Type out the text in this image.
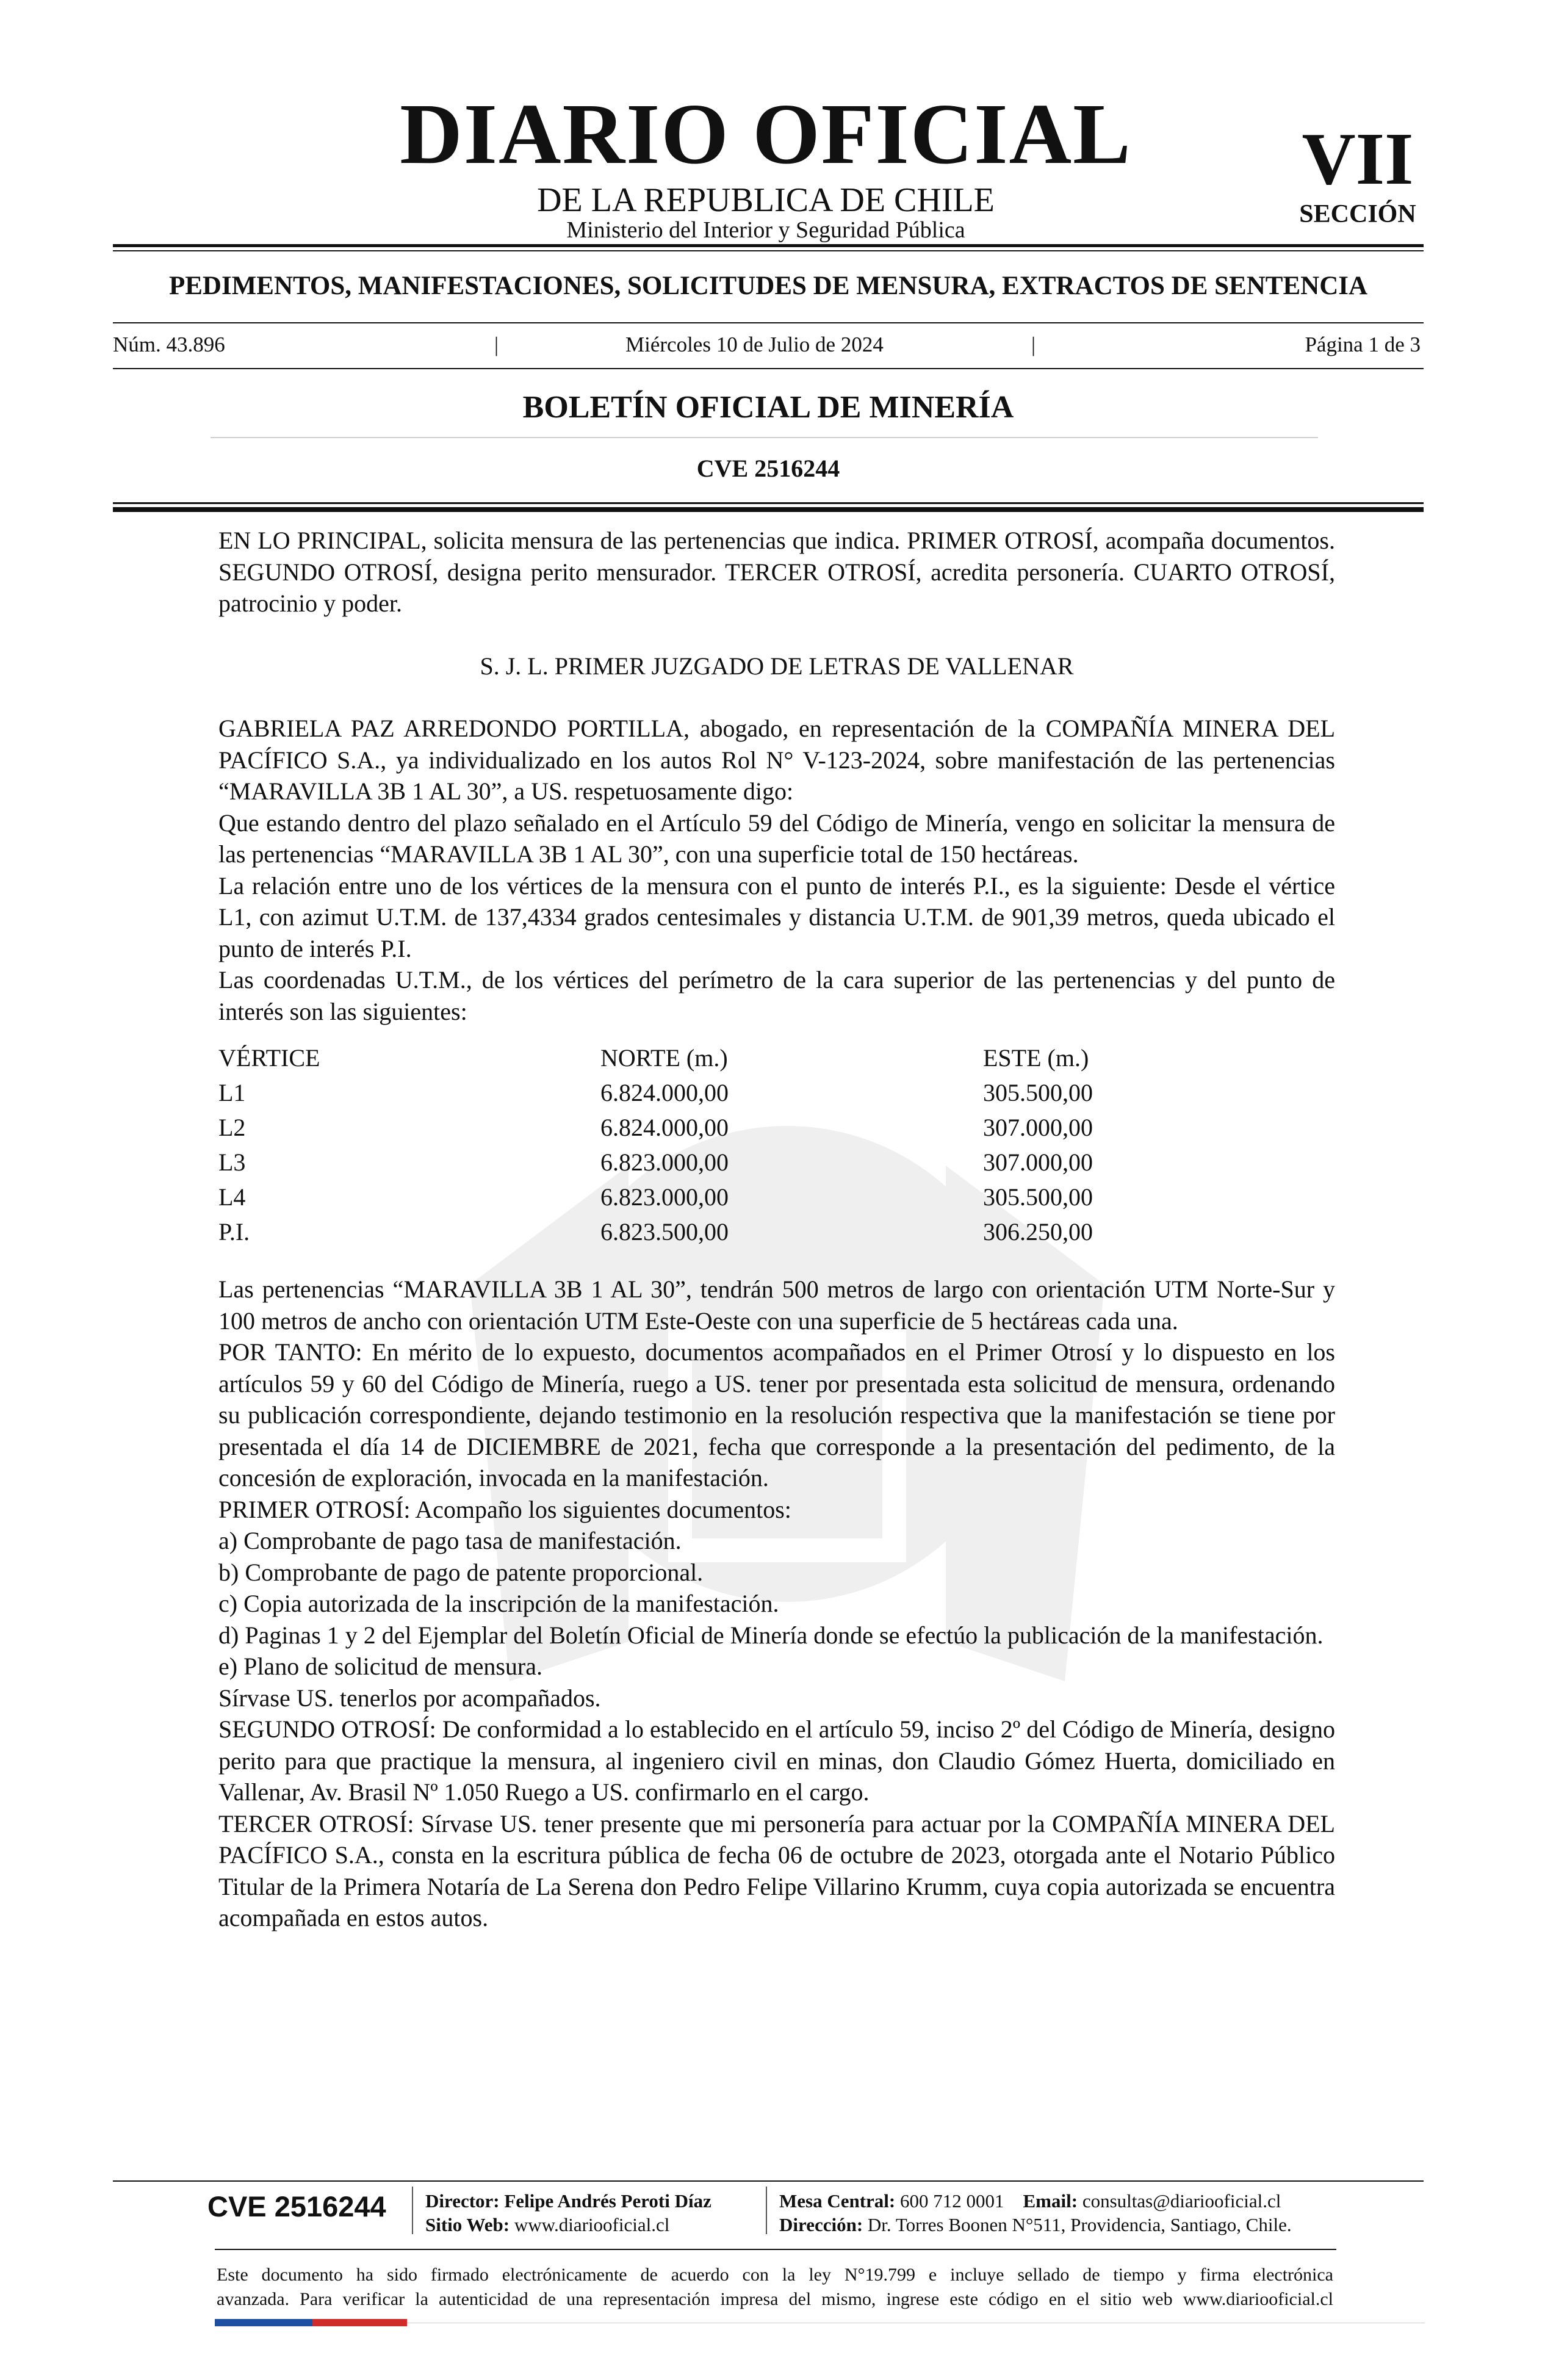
DIARIO OFICIAL
DE LA REPUBLICA DE CHILE
Ministerio del Interior y Seguridad Pública
VII
SECCIÓN
PEDIMENTOS, MANIFESTACIONES, SOLICITUDES DE MENSURA, EXTRACTOS DE SENTENCIA
Núm. 43.896	|	Miércoles 10 de Julio de 2024	|	Página 1 de 3
BOLETÍN OFICIAL DE MINERÍA
CVE 2516244

EN LO PRINCIPAL, solicita mensura de las pertenencias que indica. PRIMER OTROSÍ, acompaña documentos. SEGUNDO OTROSÍ, designa perito mensurador. TERCER OTROSÍ, acredita personería. CUARTO OTROSÍ, patrocinio y poder.

S. J. L. PRIMER JUZGADO DE LETRAS DE VALLENAR

GABRIELA PAZ ARREDONDO PORTILLA, abogado, en representación de la COMPAÑÍA MINERA DEL PACÍFICO S.A., ya individualizado en los autos Rol N° V-123-2024, sobre manifestación de las pertenencias “MARAVILLA 3B 1 AL 30”, a US. respetuosamente digo:

Que estando dentro del plazo señalado en el Artículo 59 del Código de Minería, vengo en solicitar la mensura de las pertenencias “MARAVILLA 3B 1 AL 30”, con una superficie total de 150 hectáreas.

La relación entre uno de los vértices de la mensura con el punto de interés P.I., es la siguiente: Desde el vértice L1, con azimut U.T.M. de 137,4334 grados centesimales y distancia U.T.M. de 901,39 metros, queda ubicado el punto de interés P.I.

Las coordenadas U.T.M., de los vértices del perímetro de la cara superior de las pertenencias y del punto de interés son las siguientes:

VÉRTICE	NORTE (m.)	ESTE (m.)
L1	6.824.000,00	305.500,00
L2	6.824.000,00	307.000,00
L3	6.823.000,00	307.000,00
L4	6.823.000,00	305.500,00
P.I.	6.823.500,00	306.250,00

Las pertenencias “MARAVILLA 3B 1 AL 30”, tendrán 500 metros de largo con orientación UTM Norte-Sur y 100 metros de ancho con orientación UTM Este-Oeste con una superficie de 5 hectáreas cada una.

POR TANTO: En mérito de lo expuesto, documentos acompañados en el Primer Otrosí y lo dispuesto en los artículos 59 y 60 del Código de Minería, ruego a US. tener por presentada esta solicitud de mensura, ordenando su publicación correspondiente, dejando testimonio en la resolución respectiva que la manifestación se tiene por presentada el día 14 de DICIEMBRE de 2021, fecha que corresponde a la presentación del pedimento, de la concesión de exploración, invocada en la manifestación.

PRIMER OTROSÍ: Acompaño los siguientes documentos:

a) Comprobante de pago tasa de manifestación.

b) Comprobante de pago de patente proporcional.

c) Copia autorizada de la inscripción de la manifestación.

d) Paginas 1 y 2 del Ejemplar del Boletín Oficial de Minería donde se efectúo la publicación de la manifestación.

e) Plano de solicitud de mensura.

Sírvase US. tenerlos por acompañados.

SEGUNDO OTROSÍ: De conformidad a lo establecido en el artículo 59, inciso 2º del Código de Minería, designo perito para que practique la mensura, al ingeniero civil en minas, don Claudio Gómez Huerta, domiciliado en Vallenar, Av. Brasil Nº 1.050 Ruego a US. confirmarlo en el cargo.

TERCER OTROSÍ: Sírvase US. tener presente que mi personería para actuar por la COMPAÑÍA MINERA DEL PACÍFICO S.A., consta en la escritura pública de fecha 06 de octubre de 2023, otorgada ante el Notario Público Titular de la Primera Notaría de La Serena don Pedro Felipe Villarino Krumm, cuya copia autorizada se encuentra acompañada en estos autos.

CVE 2516244 Director: Felipe Andrés Peroti Díaz
Sitio Web: www.diariooficial.cl
Mesa Central: 600 712 0001 Email: consultas@diariooficial.cl
Dirección: Dr. Torres Boonen N°511, Providencia, Santiago, Chile.
Este documento ha sido firmado electrónicamente de acuerdo con la ley N°19.799 e incluye sellado de tiempo y firma electrónica
avanzada. Para verificar la autenticidad de una representación impresa del mismo, ingrese este código en el sitio web www.diariooficial.cl
